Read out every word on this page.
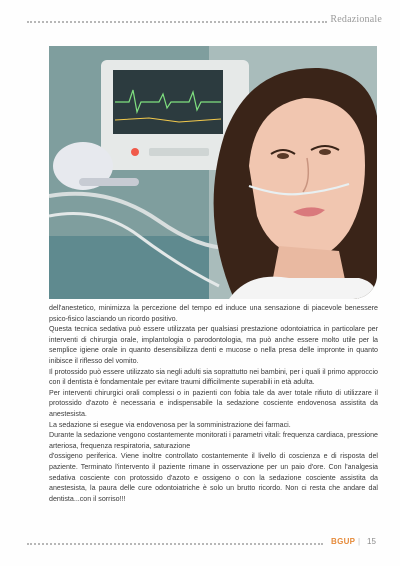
Redazionale

dell'anestetico, minimizza la percezione del tempo ed induce una sensazione di piacevole benessere psico-fisico lasciando un ricordo positivo.

Questa tecnica sedativa può essere utilizzata per qualsiasi prestazione odontoiatrica in particolare per interventi di chirurgia orale, implantologia o parodontologia, ma può anche essere molto utile per la semplice igiene orale in quanto desensibilizza denti e mucose o nella presa delle impronte in quanto inibisce il riflesso del vomito.

Il protossido può essere utilizzato sia negli adulti sia soprattutto nei bambini, per i quali il primo approccio con il dentista è fondamentale per evitare traumi difficilmente superabili in età adulta.

Per interventi chirurgici orali complessi o in pazienti con fobia tale da aver totale rifiuto di utilizzare il protossido d'azoto è necessaria e indispensabile la sedazione cosciente endovenosa assistita da anestesista.

La sedazione si esegue via endovenosa per la somministrazione dei farmaci.

Durante la sedazione vengono costantemente monitorati i parametri vitali: frequenza cardiaca, pressione arteriosa, frequenza respiratoria, saturazione

d'ossigeno periferica. Viene inoltre controllato costantemente il livello di coscienza e di risposta del paziente. Terminato l'intervento il paziente rimane in osservazione per un paio d'ore. Con l'analgesia sedativa cosciente con protossido d'azoto e ossigeno o con la sedazione cosciente assistita da anestesista, la paura delle cure odontoiatriche è solo un brutto ricordo. Non ci resta che andare dal dentista...con il sorriso!!!

BGUP | 15
